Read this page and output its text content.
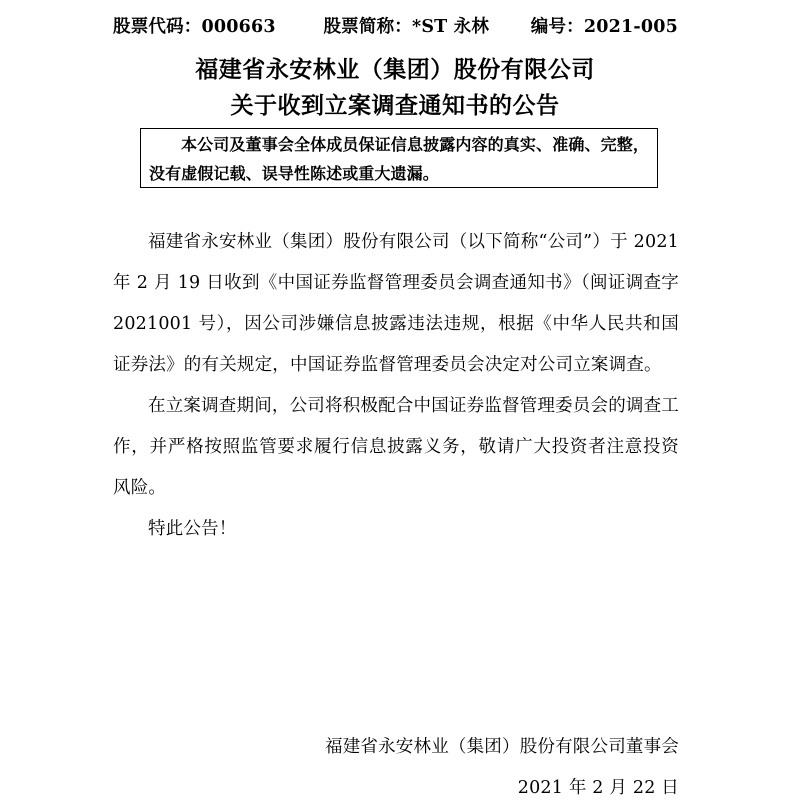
股票代码：000663	股票简称：*ST 永林 编号：2021-005
福建省永安林业（集团）股份有限公司
关于收到立案调查通知书的公告
本公司及董事会全体成员保证信息披露内容的真实、准确、完整，没有虚假记载、误导性陈述或重大遗漏。

福建省永安林业（集团）股份有限公司（以下简称“公司”）于 2021 年 2 月 19 日收到《中国证券监督管理委员会调查通知书》（闽证调查字 2021001 号），因公司涉嫌信息披露违法违规，根据《中华人民共和国证券法》的有关规定，中国证券监督管理委员会决定对公司立案调查。

在立案调查期间，公司将积极配合中国证券监督管理委员会的调查工作，并严格按照监管要求履行信息披露义务，敬请广大投资者注意投资风险。

特此公告！

福建省永安林业（集团）股份有限公司董事会
2021 年 2 月 22 日
